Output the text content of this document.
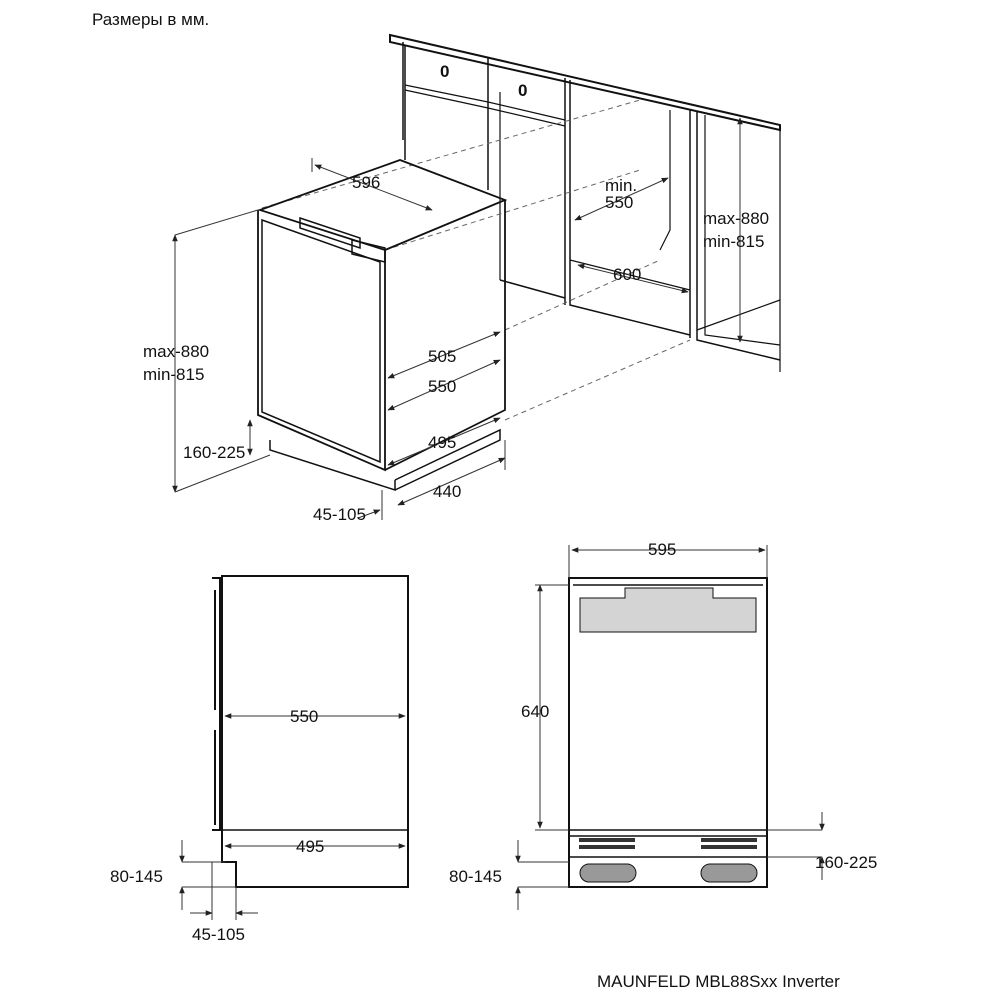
Размеры в мм.
0
0
596
max-880
min-815
160-225
505
550
495
440
45-105
min.
550
600
max-880
min-815
550
495
80-145
45-105
595
640
80-145
160-225
MAUNFELD MBL88Sxx Inverter
